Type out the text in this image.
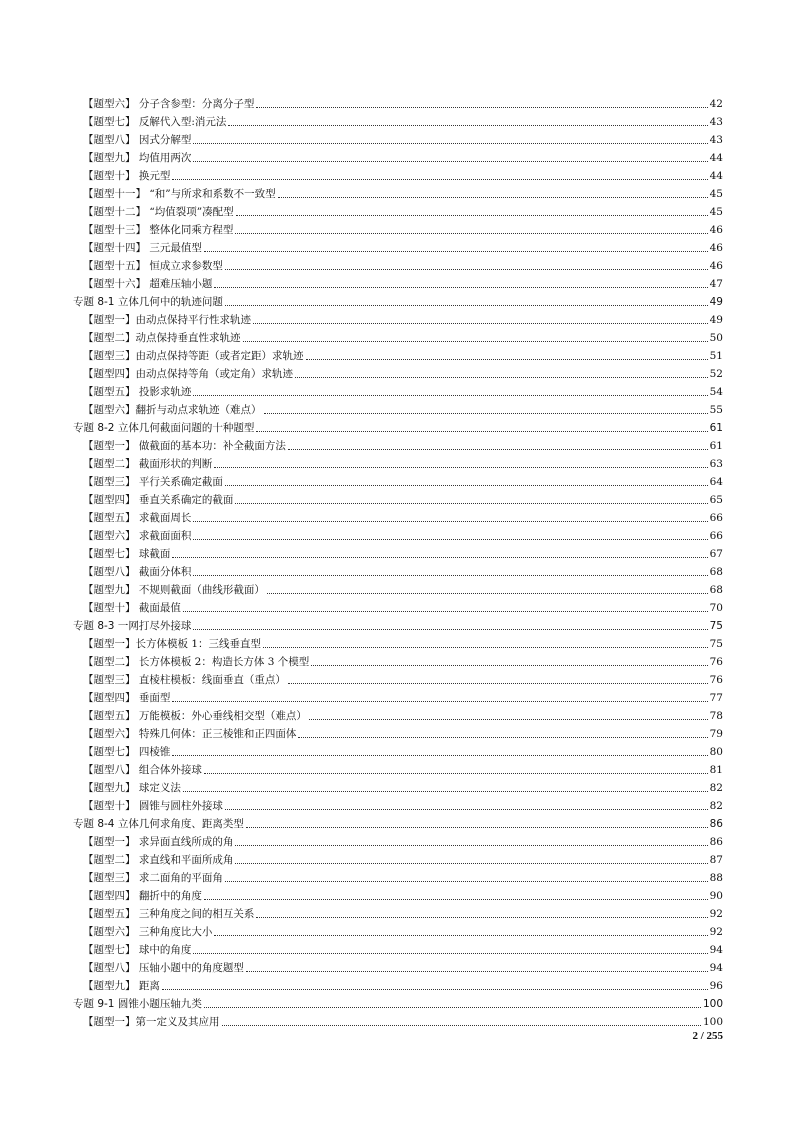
【题型六】 分子含参型：分离分子型	42
【题型七】 反解代入型:消元法	43
【题型八】 因式分解型	43
【题型九】 均值用两次	44
【题型十】 换元型	44
【题型十一】 “和”与所求和系数不一致型	45
【题型十二】 “均值裂项”凑配型	45
【题型十三】 整体化同乘方程型	46
【题型十四】 三元最值型	46
【题型十五】 恒成立求参数型	46
【题型十六】 超难压轴小题	47
专题 8-1 立体几何中的轨迹问题	49
【题型一】由动点保持平行性求轨迹	49
【题型二】动点保持垂直性求轨迹	50
【题型三】由动点保持等距（或者定距）求轨迹	51
【题型四】由动点保持等角（或定角）求轨迹	52
【题型五】 投影求轨迹	54
【题型六】翻折与动点求轨迹（难点）	55
专题 8-2 立体几何截面问题的十种题型	61
【题型一】 做截面的基本功：补全截面方法	61
【题型二】 截面形状的判断	63
【题型三】 平行关系确定截面	64
【题型四】 垂直关系确定的截面	65
【题型五】 求截面周长	66
【题型六】 求截面面积	66
【题型七】 球截面	67
【题型八】 截面分体积	68
【题型九】 不规则截面（曲线形截面）	68
【题型十】 截面最值	70
专题 8-3 一网打尽外接球	75
【题型一】长方体模板 1：三线垂直型	75
【题型二】 长方体模板 2：构造长方体 3 个模型	76
【题型三】 直棱柱模板：线面垂直（重点）	76
【题型四】 垂面型	77
【题型五】 万能模板：外心垂线相交型（难点）	78
【题型六】 特殊几何体：正三棱锥和正四面体	79
【题型七】 四棱锥	80
【题型八】 组合体外接球	81
【题型九】 球定义法	82
【题型十】 圆锥与圆柱外接球	82
专题 8-4 立体几何求角度、距离类型	86
【题型一】 求异面直线所成的角	86
【题型二】 求直线和平面所成角	87
【题型三】 求二面角的平面角	88
【题型四】 翻折中的角度	90
【题型五】 三种角度之间的相互关系	92
【题型六】 三种角度比大小	92
【题型七】 球中的角度	94
【题型八】 压轴小题中的角度题型	94
【题型九】 距离	96
专题 9-1 圆锥小题压轴九类	100
【题型一】第一定义及其应用	100
2 / 255
